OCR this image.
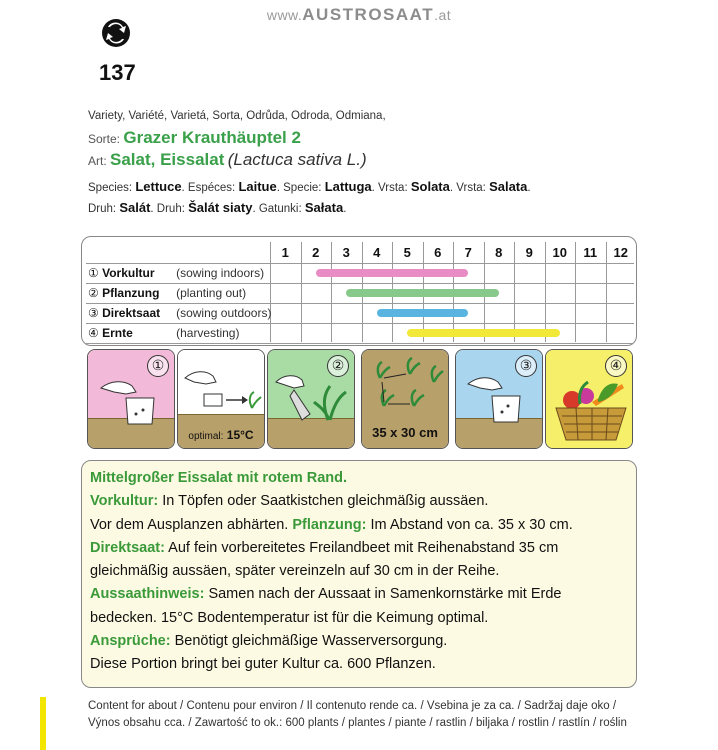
www.AUSTROSAAT.at
137
Variety, Variété, Varietá, Sorta, Odrůda, Odroda, Odmiana,
Sorte: Grazer Krauthäuptel 2
Art: Salat, Eissalat (Lactuca sativa L.)
Species: Lettuce. Espéces: Laitue. Specie: Lattuga. Vrsta: Solata. Vrsta: Salata.
Druh: Salát. Druh: Šalát siaty. Gatunki: Sałata.
1	2	3	4	5	6	7	8	9	10	11	12
① Vorkultur (sowing indoors)
② Pflanzung (planting out)
③ Direktsaat (sowing outdoors)
④ Ernte	(harvesting)
①
optimal: 15°C
②
35 x 30 cm
③	④
Mittelgroßer Eissalat mit rotem Rand.
Vorkultur: In Töpfen oder Saatkistchen gleichmäßig aussäen.
Vor dem Ausplanzen abhärten. Pflanzung: Im Abstand von ca. 35 x 30 cm.
Direktsaat: Auf fein vorbereitetes Freilandbeet mit Reihenabstand 35 cm
gleichmäßig aussäen, später vereinzeln auf 30 cm in der Reihe.
Aussaathinweis: Samen nach der Aussaat in Samenkornstärke mit Erde
bedecken. 15°C Bodentemperatur ist für die Keimung optimal.
Ansprüche: Benötigt gleichmäßige Wasserversorgung.
Diese Portion bringt bei guter Kultur ca. 600 Pflanzen.
Content for about / Contenu pour environ / Il contenuto rende ca. / Vsebina je za ca. / Sadržaj daje oko /
Výnos obsahu cca. / Zawartość to ok.: 600 plants / plantes / piante / rastlin / biljaka / rostlin / rastlín / roślin
